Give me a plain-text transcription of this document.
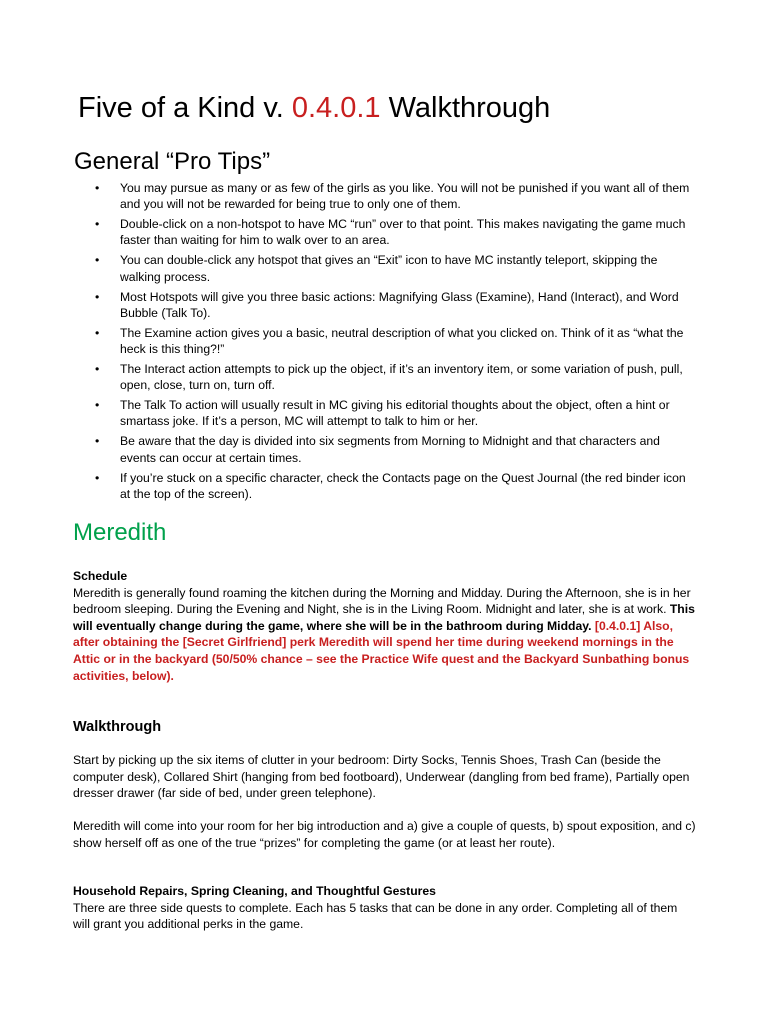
Five of a Kind v. 0.4.0.1 Walkthrough
General “Pro Tips”
• You may pursue as many or as few of the girls as you like. You will not be punished if you want all of them and you will not be rewarded for being true to only one of them.
• Double-click on a non-hotspot to have MC “run” over to that point. This makes navigating the game much faster than waiting for him to walk over to an area.
• You can double-click any hotspot that gives an “Exit” icon to have MC instantly teleport, skipping the walking process.
• Most Hotspots will give you three basic actions: Magnifying Glass (Examine), Hand (Interact), and Word Bubble (Talk To).
• The Examine action gives you a basic, neutral description of what you clicked on. Think of it as “what the heck is this thing?!”
• The Interact action attempts to pick up the object, if it’s an inventory item, or some variation of push, pull, open, close, turn on, turn off.
• The Talk To action will usually result in MC giving his editorial thoughts about the object, often a hint or smartass joke. If it’s a person, MC will attempt to talk to him or her.
• Be aware that the day is divided into six segments from Morning to Midnight and that characters and events can occur at certain times.
• If you’re stuck on a specific character, check the Contacts page on the Quest Journal (the red binder icon at the top of the screen).
Meredith
Schedule
Meredith is generally found roaming the kitchen during the Morning and Midday. During the Afternoon, she is in her bedroom sleeping. During the Evening and Night, she is in the Living Room. Midnight and later, she is at work. This will eventually change during the game, where she will be in the bathroom during Midday. [0.4.0.1] Also, after obtaining the [Secret Girlfriend] perk Meredith will spend her time during weekend mornings in the Attic or in the backyard (50/50% chance – see the Practice Wife quest and the Backyard Sunbathing bonus activities, below).
Walkthrough
Start by picking up the six items of clutter in your bedroom: Dirty Socks, Tennis Shoes, Trash Can (beside the computer desk), Collared Shirt (hanging from bed footboard), Underwear (dangling from bed frame), Partially open dresser drawer (far side of bed, under green telephone).
Meredith will come into your room for her big introduction and a) give a couple of quests, b) spout exposition, and c) show herself off as one of the true “prizes” for completing the game (or at least her route).
Household Repairs, Spring Cleaning, and Thoughtful Gestures
There are three side quests to complete. Each has 5 tasks that can be done in any order. Completing all of them will grant you additional perks in the game.
